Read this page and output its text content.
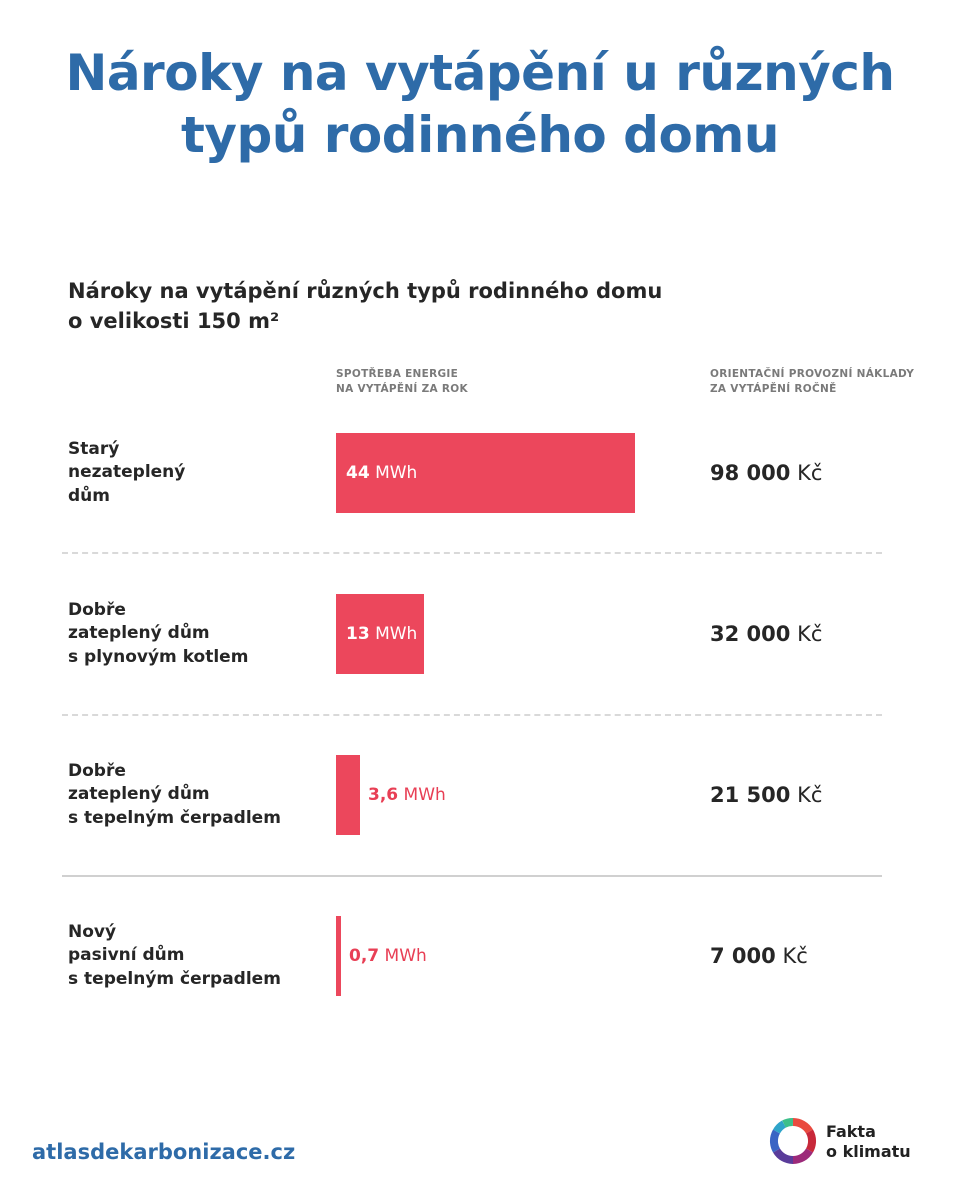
Nároky na vytápění u různých
typů rodinného domu
Nároky na vytápění různých typů rodinného domu
o velikosti 150 m²
SPOTŘEBA ENERGIE
NA VYTÁPĚNÍ ZA ROK
ORIENTAČNÍ PROVOZNÍ NÁKLADY
ZA VYTÁPĚNÍ ROČNĚ
Starý
nezateplený
dům
44 MWh	98 000 Kč
Dobře
zateplený dům
s plynovým kotlem
13 MWh	32 000 Kč
Dobře
zateplený dům
s tepelným čerpadlem
3,6 MWh	21 500 Kč
Nový
pasivní dům
s tepelným čerpadlem
0,7 MWh	7 000 Kč
atlasdekarbonizace.cz
Fakta
o klimatu
